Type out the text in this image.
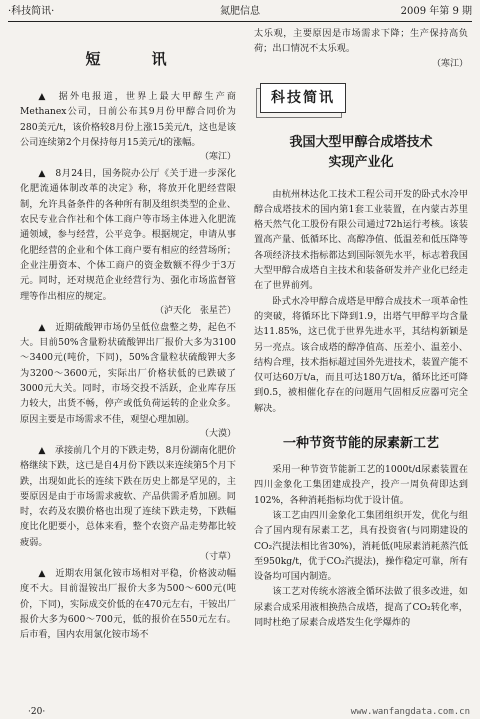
·科技简讯·	氮肥信息	2009 年第 9 期
短　讯

▲　据外电报道，世界上最大甲醇生产商Methanex公司，日前公布其9月份甲醇合同价为280美元/t，该价格较8月份上涨15美元/t，这也是该公司连续第2个月保持每月15美元/t的涨幅。

（寒江）

▲　8月24日，国务院办公厅《关于进一步深化化肥流通体制改革的决定》称，将放开化肥经营限制，允许具备条件的各种所有制及组织类型的企业、农民专业合作社和个体工商户等市场主体进入化肥流通领域，参与经营，公平竞争。根据规定，申请从事化肥经营的企业和个体工商户要有相应的经营场所；企业注册资本、个体工商户的资金数额不得少于3万元。同时，还对规范企业经营行为、强化市场监督管理等作出相应的规定。

（泸天化　张星芒）

▲　近期硫酸钾市场仍呈低位盘整之势，起色不大。目前50%含量粉状硫酸钾出厂报价大多为3100～3400元(吨价，下同)，50%含量粒状硫酸钾大多为3200～3600元，实际出厂价格状低的已跌破了3000元大关。同时，市场交投不活跃，企业库存压力较大，出货不畅，停产或低负荷运转的企业众多。原因主要是市场需求不佳，观望心理加剧。

（大漠）

▲　承接前几个月的下跌走势，8月份湖南化肥价格继续下跌，这已是自4月份下跌以来连续第5个月下跌，出现如此长的连续下跌在历史上都是罕见的，主要原因是由于市场需求疲软、产品供需矛盾加剧。同时，农药及农膜价格也出现了连续下跌走势，下跌幅度比化肥要小，总体来看，整个农资产品走势都比较疲弱。

（寸草）

▲　近期农用氯化铵市场相对平稳，价格波动幅度不大。目前湿铵出厂报价大多为500～600元(吨价，下同)，实际成交价低的在470元左右，干铵出厂报价大多为600～700元，低的报价在550元左右。后市看，国内农用氯化铵市场不

太乐观，主要原因是市场需求下降；生产保持高负荷；出口情况不太乐观。

（寒江）

科技简讯
我国大型甲醇合成塔技术
实现产业化

由杭州林达化工技术工程公司开发的卧式水冷甲醇合成塔技术的国内第1套工业装置，在内蒙古苏里格天然气化工股份有限公司通过72h运行考核。该装置高产量、低循环比、高醇净值、低温差和低压降等各项经济技术指标都达到国际领先水平，标志着我国大型甲醇合成塔自主技术和装备研发并产业化已经走在了世界前列。

卧式水冷甲醇合成塔是甲醇合成技术一项革命性的突破，将循环比下降到1.9，出塔气甲醇平均含量达11.85%，这已优于世界先进水平，其结构新颖是另一亮点。该合成塔的醇净值高、压差小、温差小、结构合理，技术指标超过国外先进技术，装置产能不仅可达60万t/a，而且可达180万t/a，循环比还可降到0.5，被相催化存在的问题用气固相反应器可完全解决。

一种节资节能的尿素新工艺

采用一种节资节能新工艺的1000t/d尿素装置在四川金象化工集团建成投产，投产一周负荷即达到102%，各种消耗指标均优于设计值。

该工艺由四川金象化工集团组织开发，优化与组合了国内现有尿素工艺，具有投资省(与同期建设的CO₂汽提法相比省30%)，消耗低(吨尿素消耗蒸汽低至950kg/t，优于CO₂汽提法)，操作稳定可靠，所有设备均可国内制造。

该工艺对传统水溶液全循环法做了很多改进，如尿素合成采用液相换热合成塔，提高了CO₂转化率，同时杜绝了尿素合成塔发生化学爆炸的

·20·	www.wanfangdata.com.cn
